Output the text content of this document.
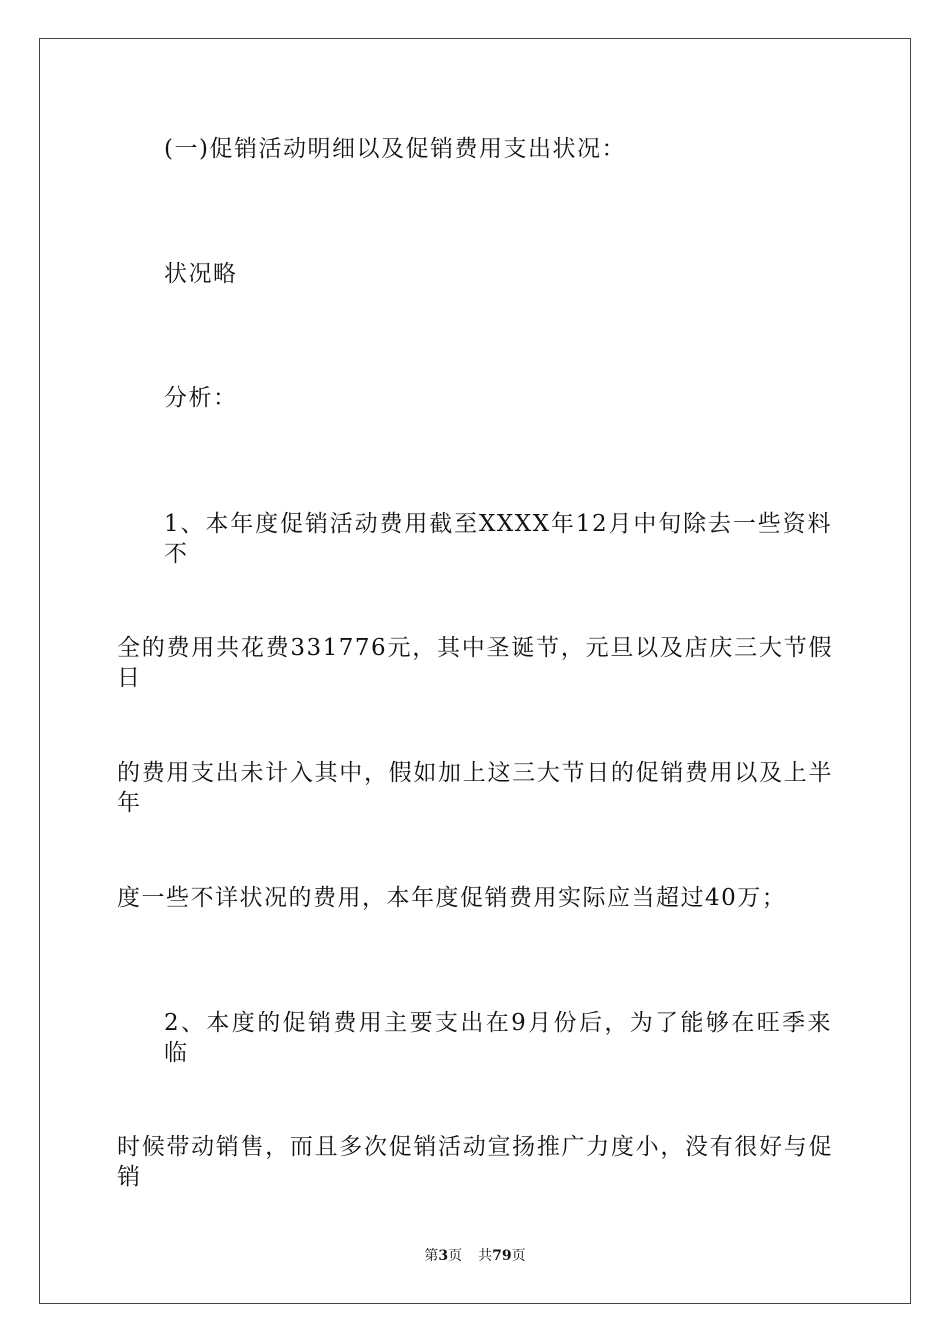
(一)促销活动明细以及促销费用支出状况：
状况略
分析：
1、本年度促销活动费用截至XXXX年12月中旬除去一些资料不
全的费用共花费331776元，其中圣诞节，元旦以及店庆三大节假日
的费用支出未计入其中，假如加上这三大节日的促销费用以及上半年
度一些不详状况的费用，本年度促销费用实际应当超过40万；
2、本度的促销费用主要支出在9月份后，为了能够在旺季来临
时候带动销售，而且多次促销活动宣扬推广力度小，没有很好与促销
第3页 共79页
